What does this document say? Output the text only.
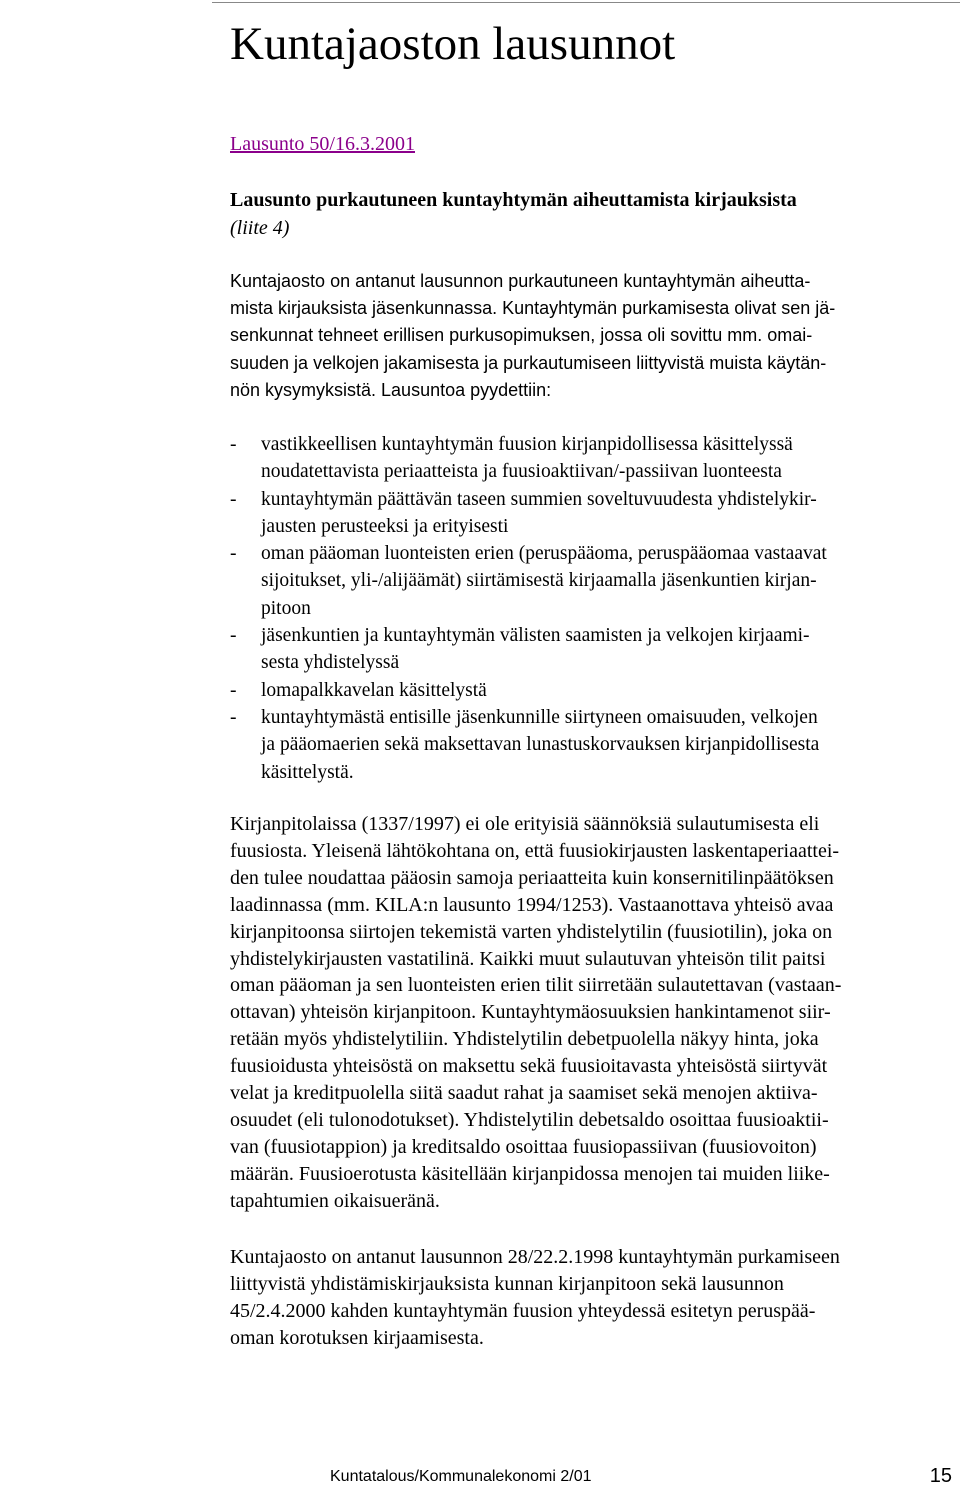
Kuntajaoston lausunnot
Lausunto 50/16.3.2001
Lausunto purkautuneen kuntayhtymän aiheuttamista kirjauksista
(liite 4)
Kuntajaosto on antanut lausunnon purkautuneen kuntayhtymän aiheutta-
mista kirjauksista jäsenkunnassa. Kuntayhtymän purkamisesta olivat sen jä-
senkunnat tehneet erillisen purkusopimuksen, jossa oli sovittu mm. omai-
suuden ja velkojen jakamisesta ja purkautumiseen liittyvistä muista käytän-
nön kysymyksistä. Lausuntoa pyydettiin:
- vastikkeellisen kuntayhtymän fuusion kirjanpidollisessa käsittelyssä
noudatettavista periaatteista ja fuusioaktiivan/-passiivan luonteesta
- kuntayhtymän päättävän taseen summien soveltuvuudesta yhdistelykir-
jausten perusteeksi ja erityisesti
- oman pääoman luonteisten erien (peruspääoma, peruspääomaa vastaavat
sijoitukset, yli-/alijäämät) siirtämisestä kirjaamalla jäsenkuntien kirjan-
pitoon
- jäsenkuntien ja kuntayhtymän välisten saamisten ja velkojen kirjaami-
sesta yhdistelyssä
- lomapalkkavelan käsittelystä
- kuntayhtymästä entisille jäsenkunnille siirtyneen omaisuuden, velkojen
ja pääomaerien sekä maksettavan lunastuskorvauksen kirjanpidollisesta
käsittelystä.
Kirjanpitolaissa (1337/1997) ei ole erityisiä säännöksiä sulautumisesta eli
fuusiosta. Yleisenä lähtökohtana on, että fuusiokirjausten laskentaperiaattei-
den tulee noudattaa pääosin samoja periaatteita kuin konsernitilinpäätöksen
laadinnassa (mm. KILA:n lausunto 1994/1253). Vastaanottava yhteisö avaa
kirjanpitoonsa siirtojen tekemistä varten yhdistelytilin (fuusiotilin), joka on
yhdistelykirjausten vastatilinä. Kaikki muut sulautuvan yhteisön tilit paitsi
oman pääoman ja sen luonteisten erien tilit siirretään sulautettavan (vastaan-
ottavan) yhteisön kirjanpitoon. Kuntayhtymäosuuksien hankintamenot siir-
retään myös yhdistelytiliin. Yhdistelytilin debetpuolella näkyy hinta, joka
fuusioidusta yhteisöstä on maksettu sekä fuusioitavasta yhteisöstä siirtyvät
velat ja kreditpuolella siitä saadut rahat ja saamiset sekä menojen aktiiva-
osuudet (eli tulonodotukset). Yhdistelytilin debetsaldo osoittaa fuusioaktii-
van (fuusiotappion) ja kreditsaldo osoittaa fuusiopassiivan (fuusiovoiton)
määrän. Fuusioerotusta käsitellään kirjanpidossa menojen tai muiden liike-
tapahtumien oikaisueränä.
Kuntajaosto on antanut lausunnon 28/22.2.1998 kuntayhtymän purkamiseen
liittyvistä yhdistämiskirjauksista kunnan kirjanpitoon sekä lausunnon
45/2.4.2000 kahden kuntayhtymän fuusion yhteydessä esitetyn peruspää-
oman korotuksen kirjaamisesta.
Kuntatalous/Kommunalekonomi 2/01	15
